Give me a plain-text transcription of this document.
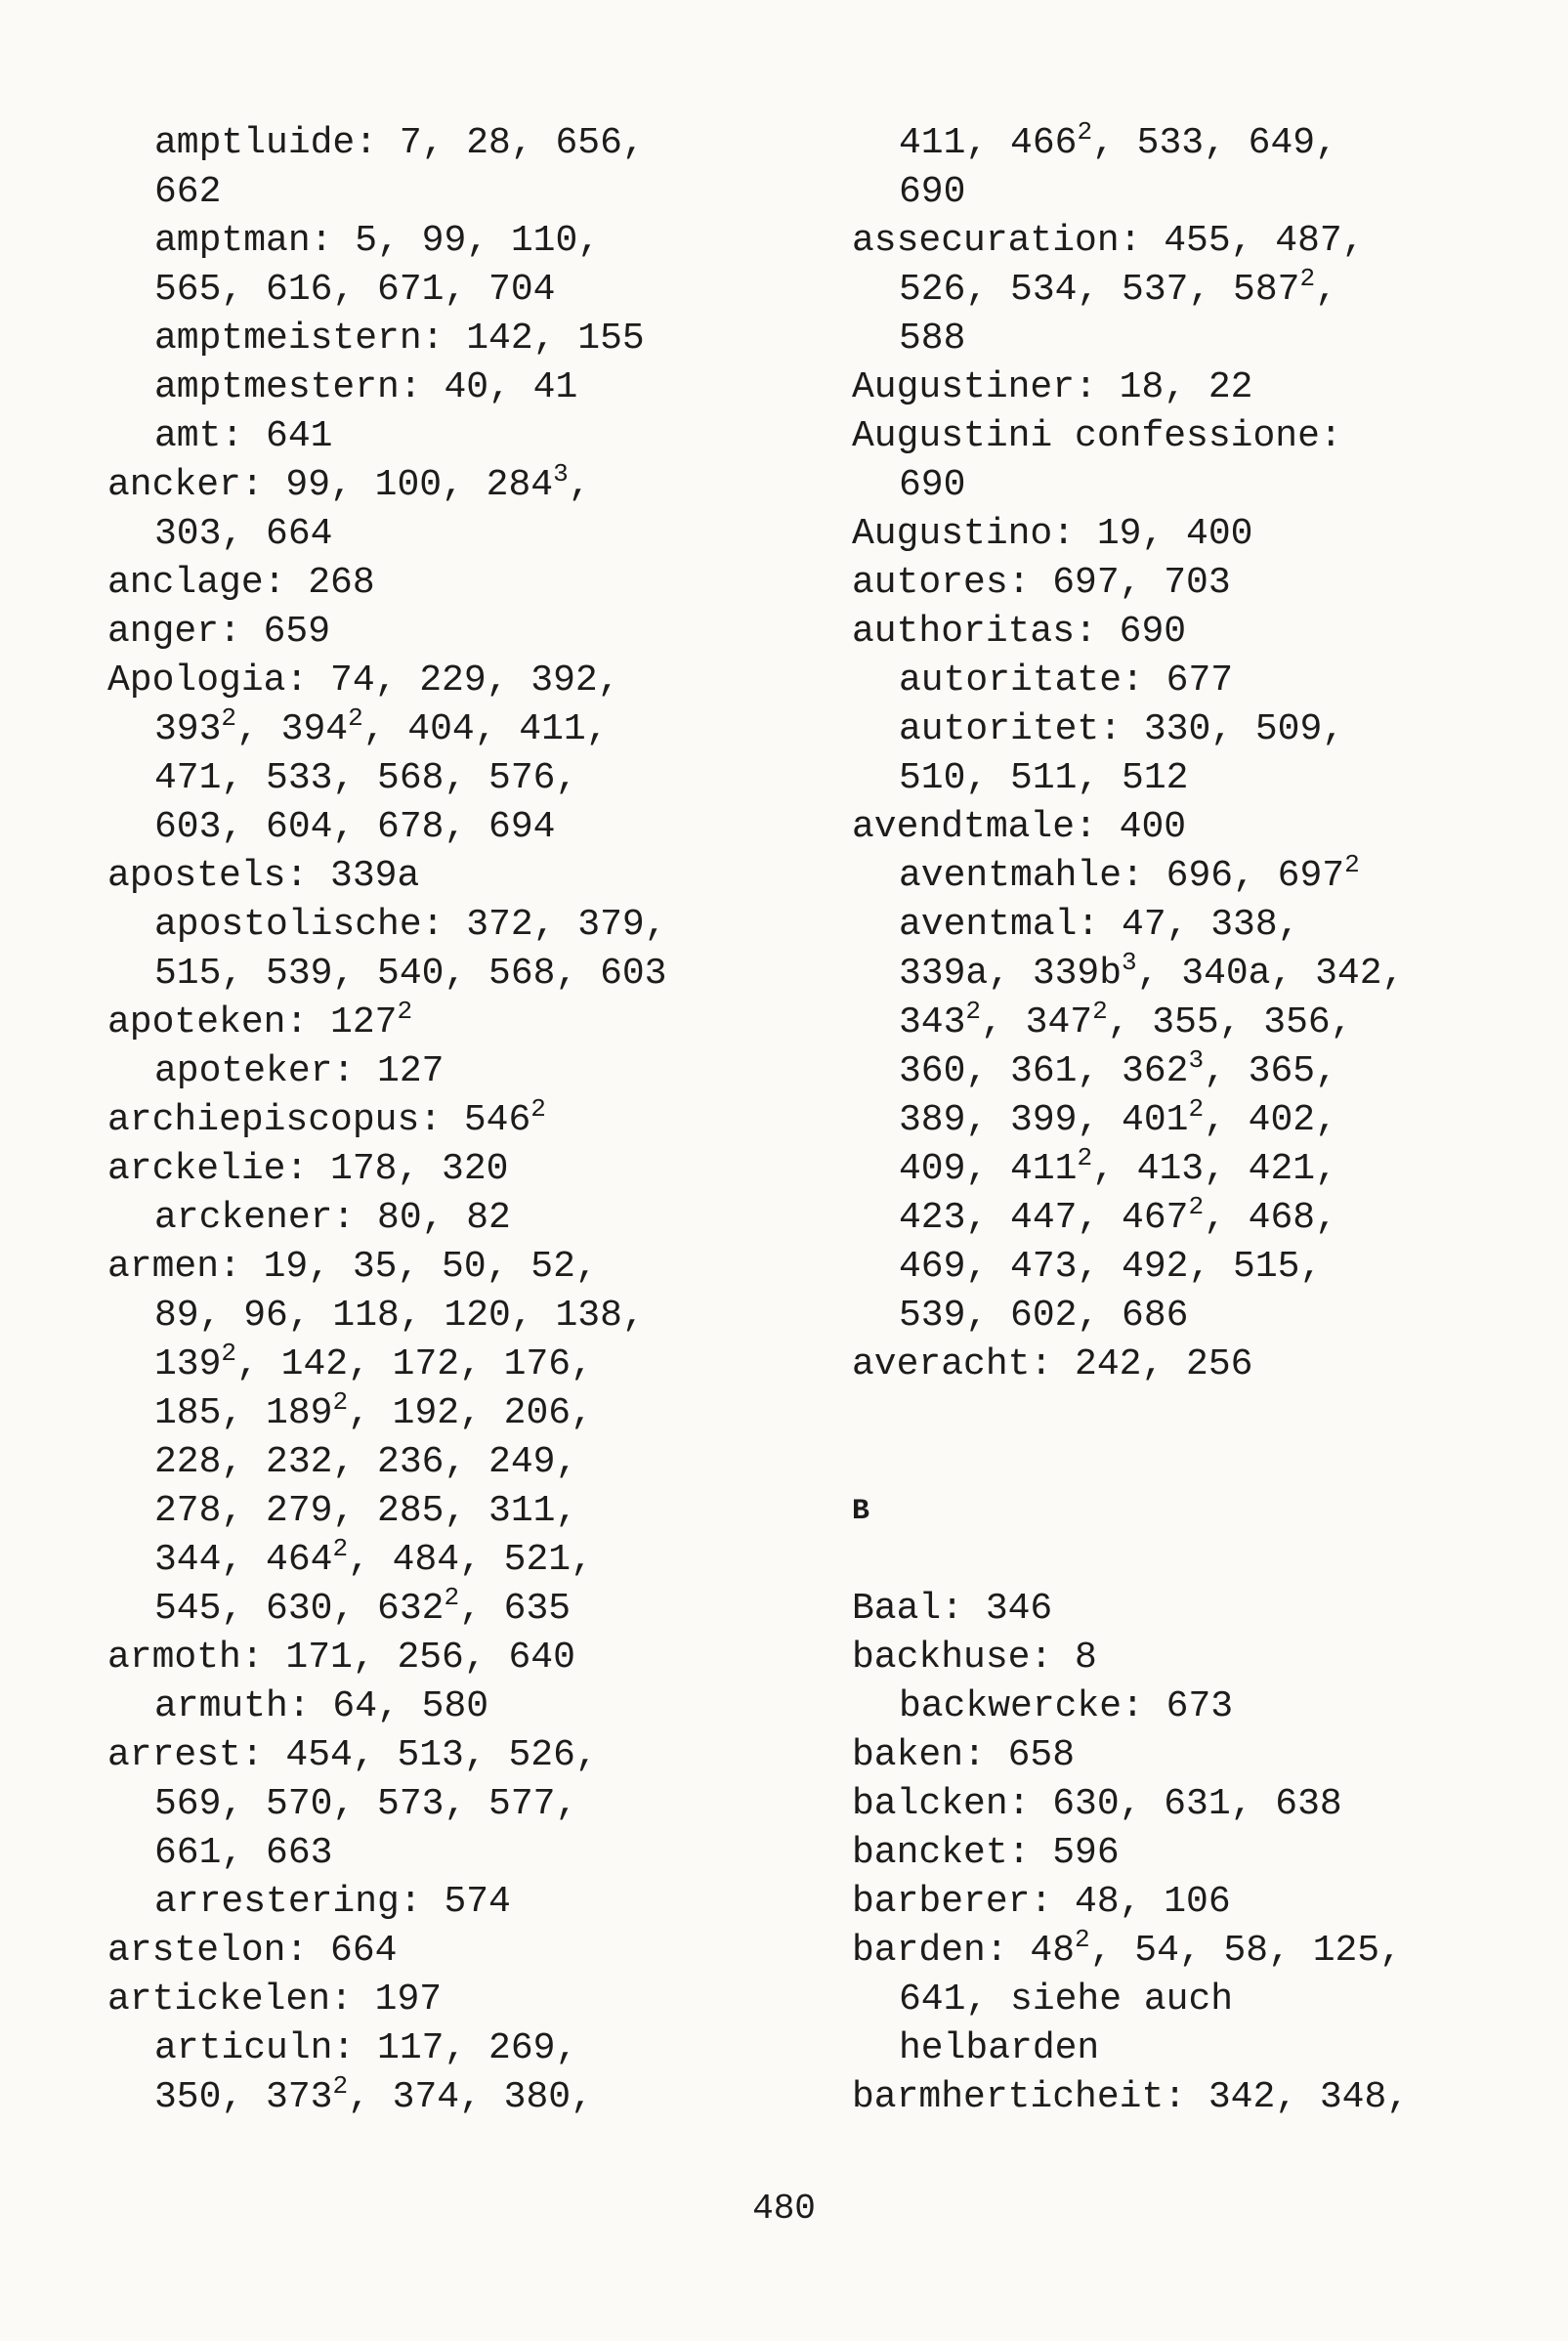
amptluide: 7, 28, 656,
662
amptman: 5, 99, 110,
565, 616, 671, 704
amptmeistern: 142, 155
amptmestern: 40, 41
amt: 641
ancker: 99, 100, $284^3$,
303, 664
anclage: 268
anger: 659
Apologia: 74, 229, 392,
$393^2$, $394^2$, 404, 411,
471, 533, 568, 576,
603, 604, 678, 694
apostels: 339a
apostolische: 372, 379,
515, 539, 540, 568, 603
apoteken: $127^2$
apoteker: 127
archiepiscopus: $546^2$
arckelie: 178, 320
arckener: 80, 82
armen: 19, 35, 50, 52,
89, 96, 118, 120, 138,
$139^2$, 142, 172, 176,
185, $189^2$, 192, 206,
228, 232, 236, 249,
278, 279, 285, 311,
344, $464^2$, 484, 521,
545, 630, $632^2$, 635
armoth: 171, 256, 640
armuth: 64, 580
arrest: 454, 513, 526,
569, 570, 573, 577,
661, 663
arrestering: 574
arstelon: 664
artickelen: 197
articuln: 117, 269,
350, $373^2$, 374, 380,
411, $466^2$, 533, 649,
690
assecuration: 455, 487,
526, 534, 537, $587^2$,
588
Augustiner: 18, 22
Augustini confessione:
690
Augustino: 19, 400
autores: 697, 703
authoritas: 690
autoritate: 677
autoritet: 330, 509,
510, 511, 512
avendtmale: 400
aventmahle: 696, $697^2$
aventmal: 47, 338,
339a, $339b^3$, 340a, 342,
$343^2$, $347^2$, 355, 356,
360, 361, $362^3$, 365,
389, 399, $401^2$, 402,
409, $411^2$, 413, 421,
423, 447, $467^2$, 468,
469, 473, 492, 515,
539, 602, 686
averacht: 242, 256
B
Baal: 346
backhuse: 8
backwercke: 673
baken: 658
balcken: 630, 631, 638
bancket: 596
barberer: 48, 106
barden: $48^2$, 54, 58, 125,
641, siehe auch
helbarden
barmherticheit: 342, 348,
480
